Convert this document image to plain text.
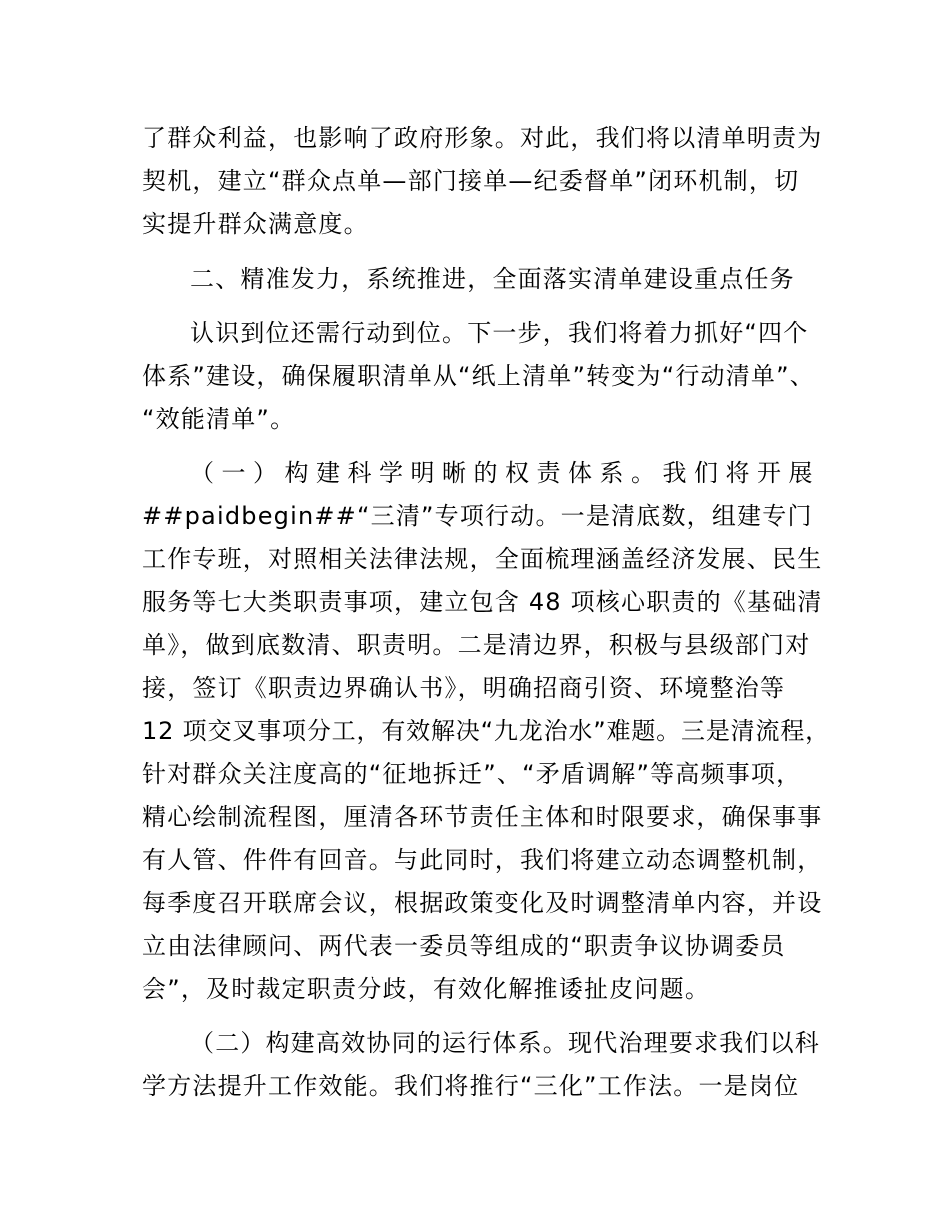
了群众利益，也影响了政府形象。对此，我们将以清单明责为
契机，建立“群众点单—部门接单—纪委督单”闭环机制，切
实提升群众满意度。
二、精准发力，系统推进，全面落实清单建设重点任务
认识到位还需行动到位。下一步，我们将着力抓好“四个
体系”建设，确保履职清单从“纸上清单”转变为“行动清单”、
“效能清单”。
（一）构建科学明晰的权责体系。我们将开展
##paidbegin##“三清”专项行动。一是清底数，组建专门
工作专班，对照相关法律法规，全面梳理涵盖经济发展、民生
服务等七大类职责事项，建立包含 48 项核心职责的《基础清
单》，做到底数清、职责明。二是清边界，积极与县级部门对
接，签订《职责边界确认书》，明确招商引资、环境整治等
12 项交叉事项分工，有效解决“九龙治水”难题。三是清流程，
针对群众关注度高的“征地拆迁”、“矛盾调解”等高频事项，
精心绘制流程图，厘清各环节责任主体和时限要求，确保事事
有人管、件件有回音。与此同时，我们将建立动态调整机制，
每季度召开联席会议，根据政策变化及时调整清单内容，并设
立由法律顾问、两代表一委员等组成的“职责争议协调委员
会”，及时裁定职责分歧，有效化解推诿扯皮问题。
（二）构建高效协同的运行体系。现代治理要求我们以科
学方法提升工作效能。我们将推行“三化”工作法。一是岗位
